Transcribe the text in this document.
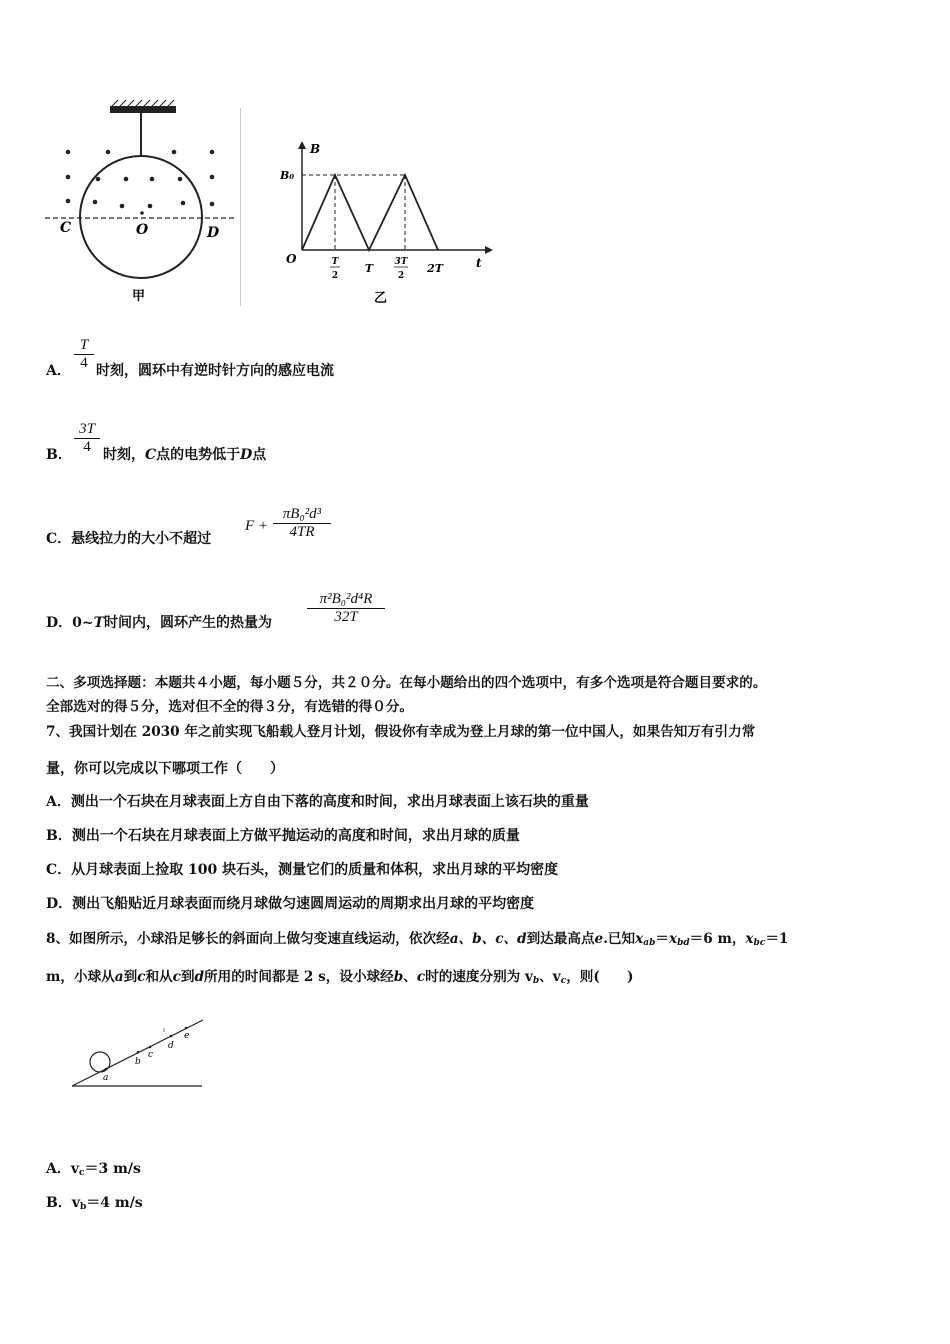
C	O	D
甲
B
t
B₀
O	T
2
T 3T
2
2T
乙
A． $\frac{T}{4}$ 时刻，圆环中有逆时针方向的感应电流
B． $\frac{3T}{4}$ 时刻，C点的电势低于D点
C．悬线拉力的大小不超过
$F + \frac{\text{πB₀²d³}}{4TR}$
D．0~T时间内，圆环产生的热量为 $\frac{\text{π²B₀²d⁴R}}{32T}$
二、多项选择题：本题共４小题，每小题５分，共２０分。在每小题给出的四个选项中，有多个选项是符合题目要求的。
全部选对的得５分，选对但不全的得３分，有选错的得０分。
7、我国计划在 2030 年之前实现飞船载人登月计划，假设你有幸成为登上月球的第一位中国人，如果告知万有引力常
量，你可以完成以下哪项工作（　　）
A．测出一个石块在月球表面上方自由下落的高度和时间，求出月球表面上该石块的重量
B．测出一个石块在月球表面上方做平抛运动的高度和时间，求出月球的质量
C．从月球表面上捡取 100 块石头，测量它们的质量和体积，求出月球的平均密度
D．测出飞船贴近月球表面而绕月球做匀速圆周运动的周期求出月球的平均密度
8、如图所示，小球沿足够长的斜面向上做匀变速直线运动，依次经a、b、c、d到达最高点e.已知$x_{ab}=x_{bd}=6$ m，$x_{bc}=1$
m，小球从a到c和从c到d所用的时间都是 2 s，设小球经b、c时的速度分别为 $v_b$、$v_c$，则(　　)
a
b
c
d
e
A．$v_c=3$ m/s
B．$v_b=4$ m/s
